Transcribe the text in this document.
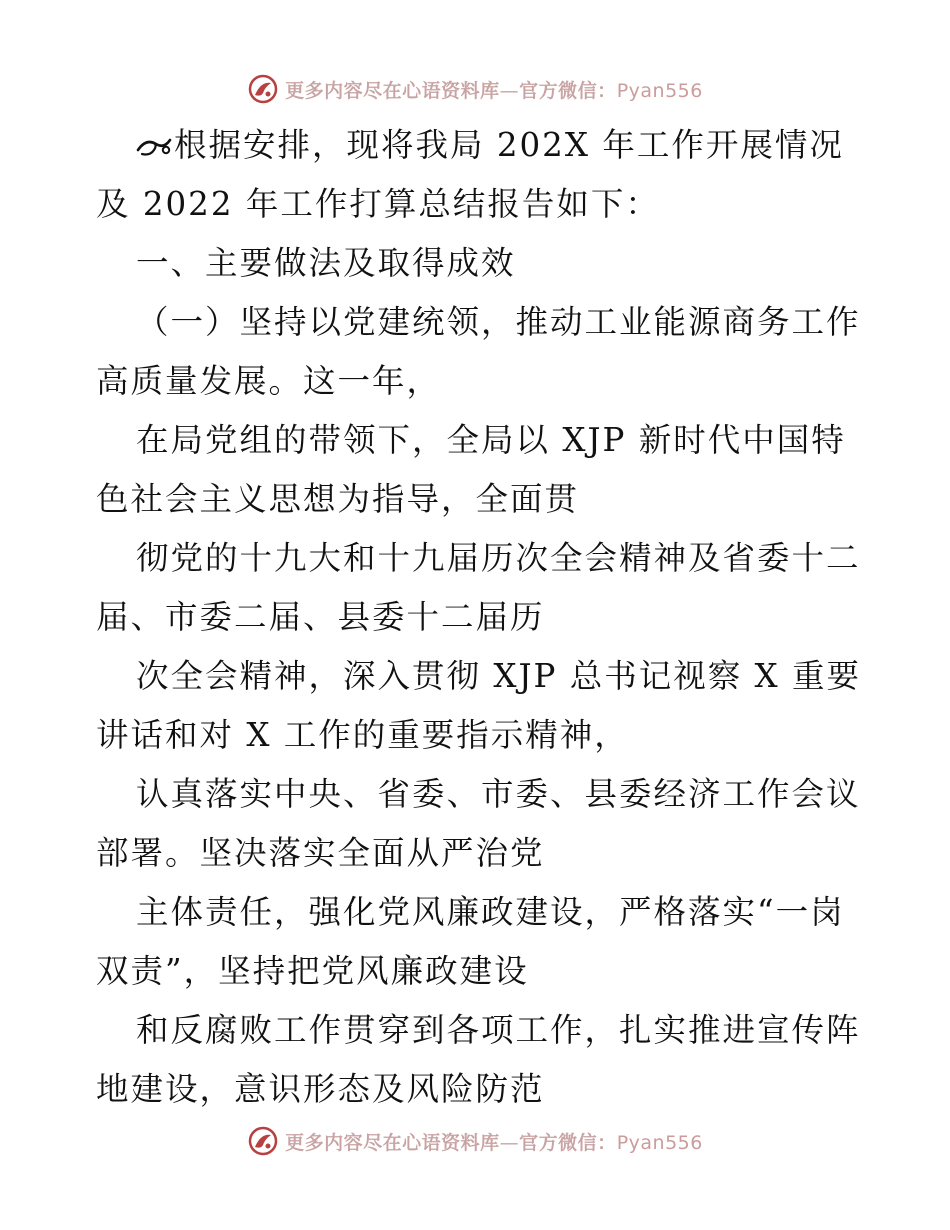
更多内容尽在心语资料库—官方微信：Pyan556
根据安排，现将我局 202X 年工作开展情况
及 2022 年工作打算总结报告如下：
一、主要做法及取得成效
（一）坚持以党建统领，推动工业能源商务工作
高质量发展。这一年，
在局党组的带领下，全局以 XJP 新时代中国特
色社会主义思想为指导，全面贯
彻党的十九大和十九届历次全会精神及省委十二
届、市委二届、县委十二届历
次全会精神，深入贯彻 XJP 总书记视察 X 重要
讲话和对 X 工作的重要指示精神，
认真落实中央、省委、市委、县委经济工作会议
部署。坚决落实全面从严治党
主体责任，强化党风廉政建设，严格落实“一岗
双责”，坚持把党风廉政建设
和反腐败工作贯穿到各项工作，扎实推进宣传阵
地建设，意识形态及风险防范
更多内容尽在心语资料库—官方微信：Pyan556
